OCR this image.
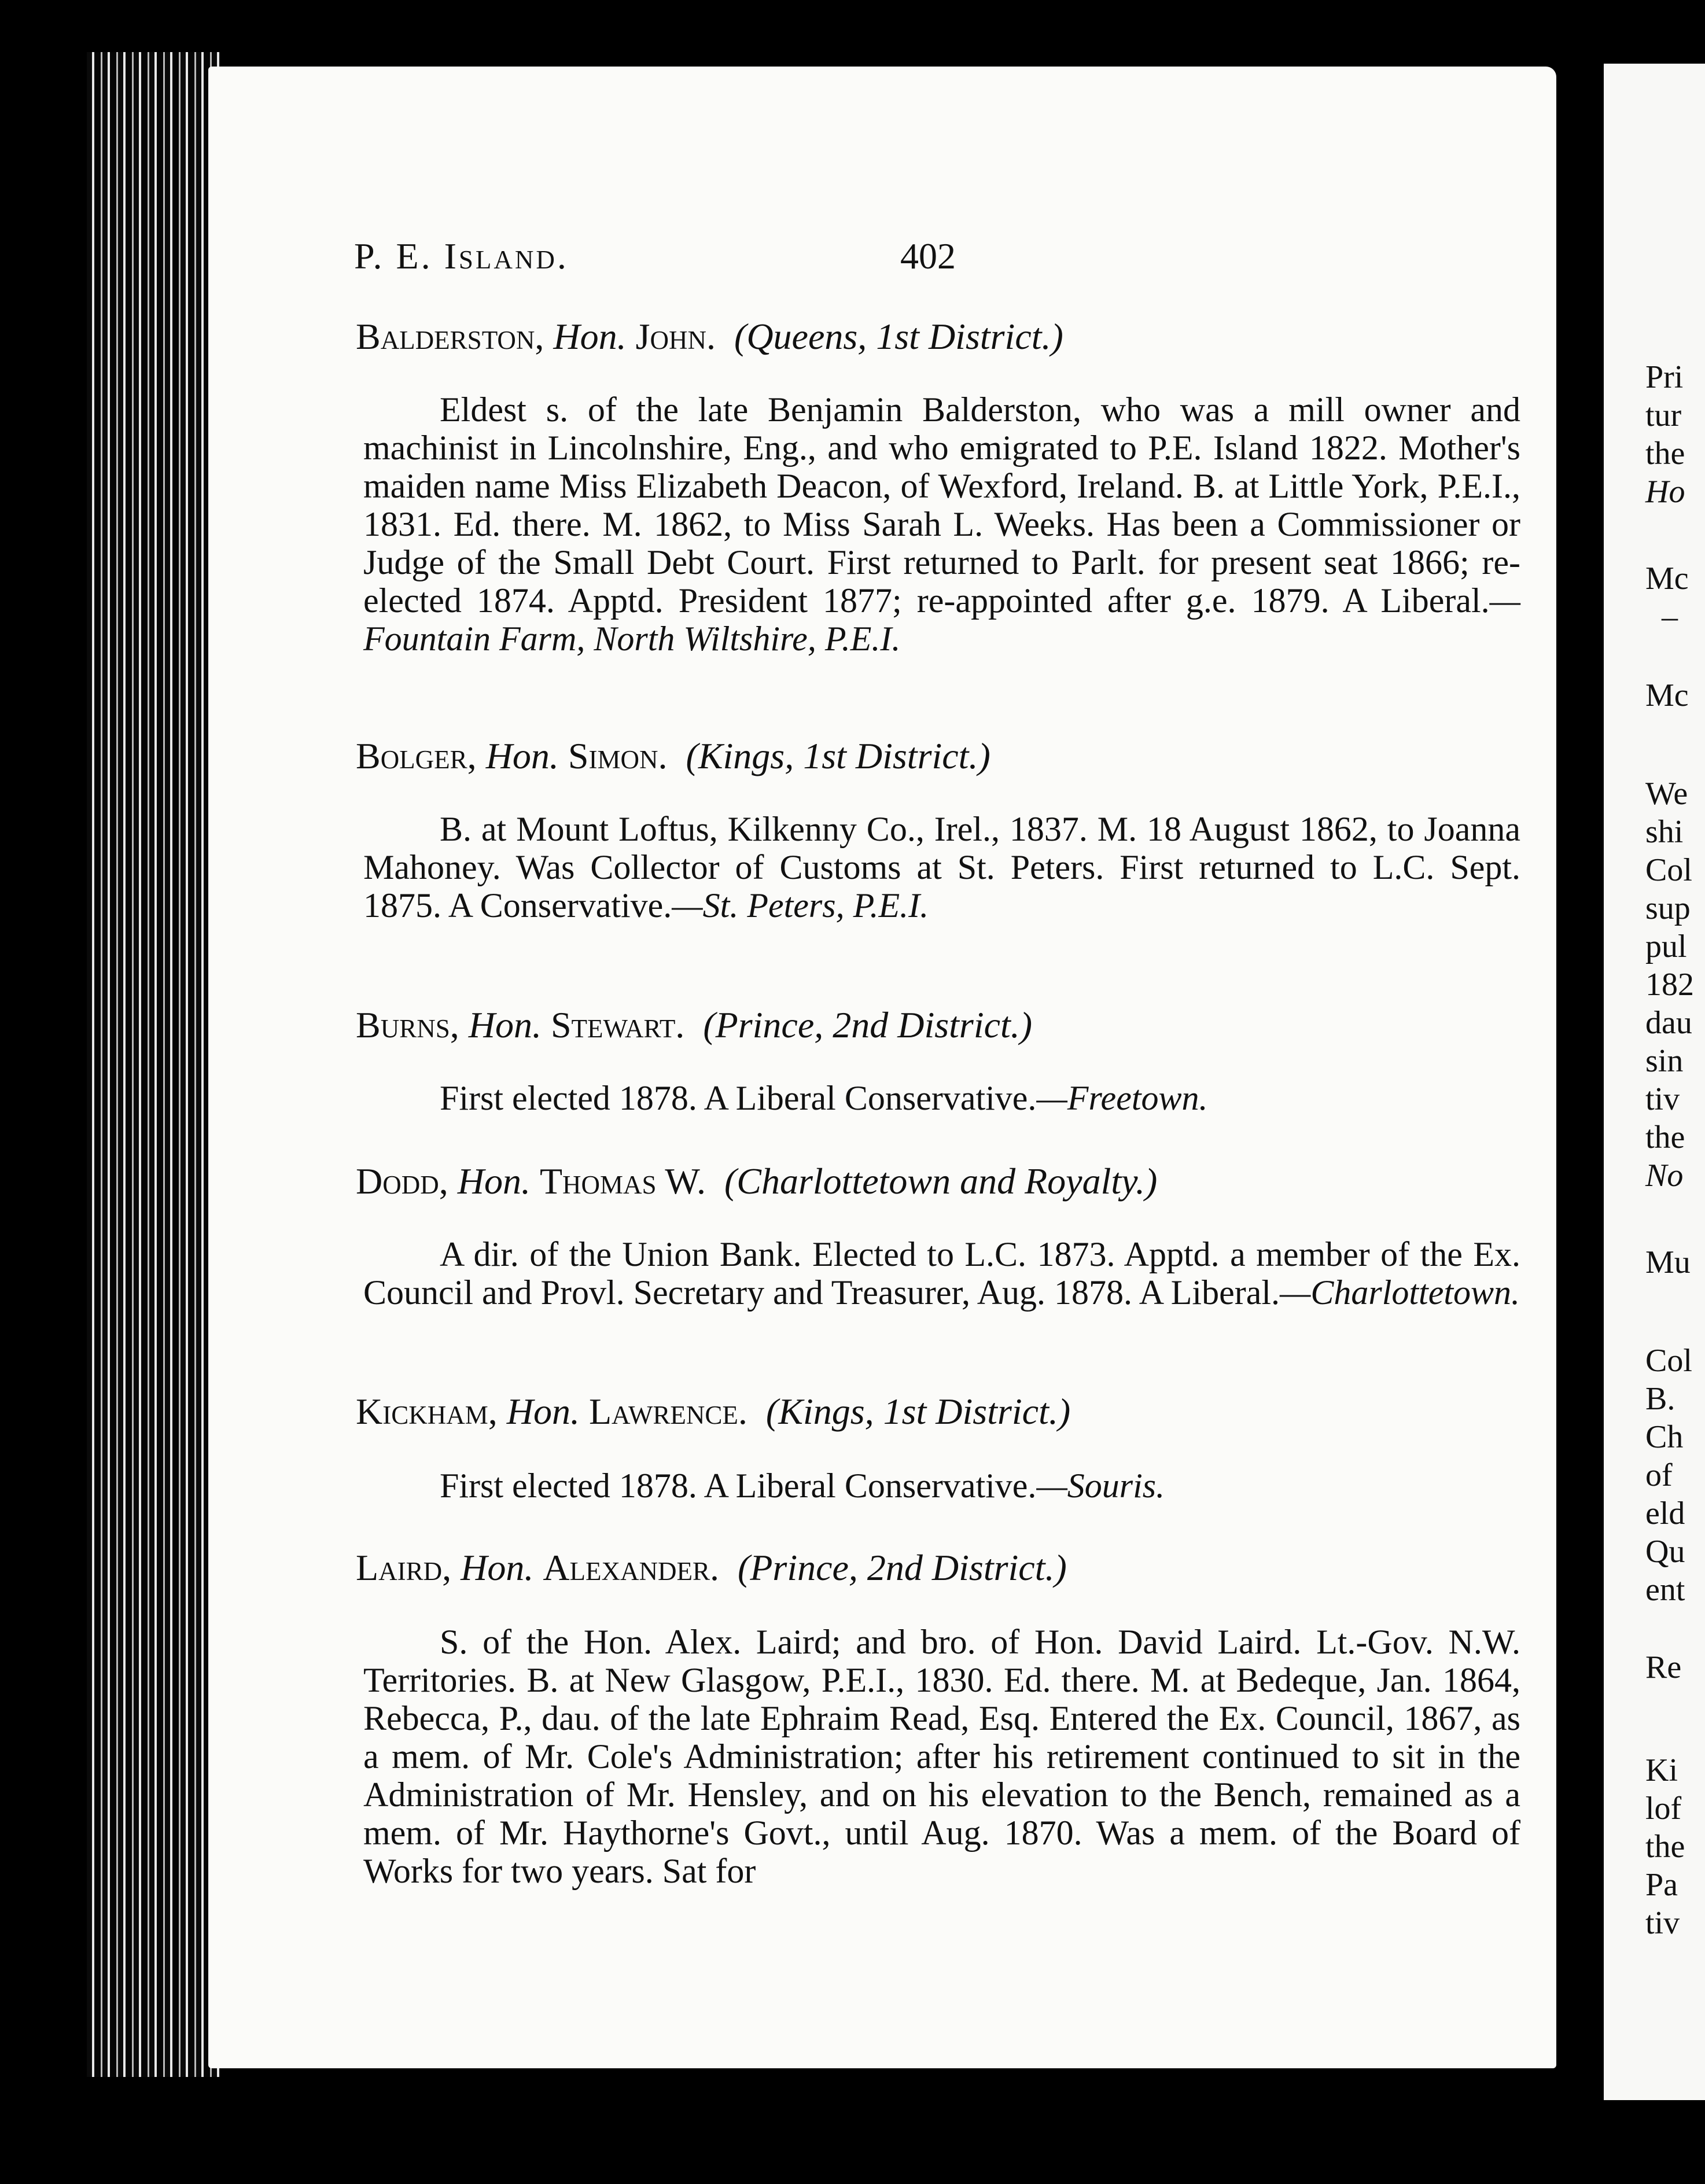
Pri
tur
the
Ho
Mc
–
Mc
We
shi
Col
sup
pul
182
dau
sin
tiv
the
No
Mu
Col
B.
Ch
of
eld
Qu
ent
Re
Ki
lof
the
Pa
tiv
P. E. Island.	402
Balderston, Hon. John. (Queens, 1st District.)

Eldest s. of the late Benjamin Balderston, who was a mill owner and machinist in Lincolnshire, Eng., and who emigrated to P.E. Island 1822. Mother's maiden name Miss Elizabeth Deacon, of Wexford, Ireland. B. at Little York, P.E.I., 1831. Ed. there. M. 1862, to Miss Sarah L. Weeks. Has been a Commissioner or Judge of the Small Debt Court. First returned to Parlt. for present seat 1866; re-elected 1874. Apptd. President 1877; re-appointed after g.e. 1879. A Liberal.—Fountain Farm, North Wiltshire, P.E.I.

Bolger, Hon. Simon. (Kings, 1st District.)

B. at Mount Loftus, Kilkenny Co., Irel., 1837. M. 18 August 1862, to Joanna Mahoney. Was Collector of Customs at St. Peters. First returned to L.C. Sept. 1875. A Conservative.—St. Peters, P.E.I.

Burns, Hon. Stewart. (Prince, 2nd District.)

First elected 1878. A Liberal Conservative.—Freetown.

Dodd, Hon. Thomas W. (Charlottetown and Royalty.)

A dir. of the Union Bank. Elected to L.C. 1873. Apptd. a member of the Ex. Council and Provl. Secretary and Treasurer, Aug. 1878. A Liberal.—Charlottetown.

Kickham, Hon. Lawrence. (Kings, 1st District.)

First elected 1878. A Liberal Conservative.—Souris.

Laird, Hon. Alexander. (Prince, 2nd District.)

S. of the Hon. Alex. Laird; and bro. of Hon. David Laird. Lt.-Gov. N.W. Territories. B. at New Glasgow, P.E.I., 1830. Ed. there. M. at Bedeque, Jan. 1864, Rebecca, P., dau. of the late Ephraim Read, Esq. Entered the Ex. Council, 1867, as a mem. of Mr. Cole's Administration; after his retirement continued to sit in the Administration of Mr. Hensley, and on his elevation to the Bench, remained as a mem. of Mr. Haythorne's Govt., until Aug. 1870. Was a mem. of the Board of Works for two years. Sat for
